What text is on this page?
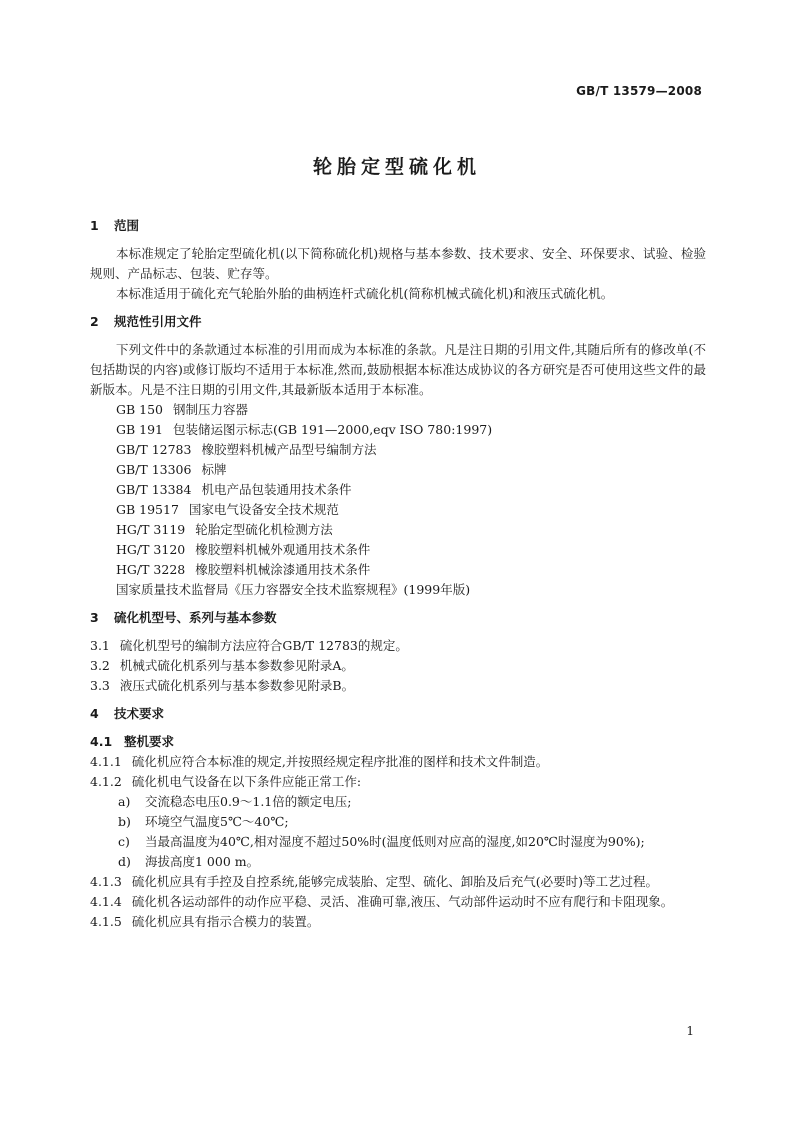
GB/T 13579—2008
轮胎定型硫化机
1 范围
本标准规定了轮胎定型硫化机(以下简称硫化机)规格与基本参数、技术要求、安全、环保要求、试验、检验规则、产品标志、包装、贮存等。
本标准适用于硫化充气轮胎外胎的曲柄连杆式硫化机(简称机械式硫化机)和液压式硫化机。
2 规范性引用文件
下列文件中的条款通过本标准的引用而成为本标准的条款。凡是注日期的引用文件,其随后所有的修改单(不包括勘误的内容)或修订版均不适用于本标准,然而,鼓励根据本标准达成协议的各方研究是否可使用这些文件的最新版本。凡是不注日期的引用文件,其最新版本适用于本标准。
GB 150 钢制压力容器
GB 191 包装储运图示标志(GB 191—2000,eqv ISO 780:1997)
GB/T 12783 橡胶塑料机械产品型号编制方法
GB/T 13306 标牌
GB/T 13384 机电产品包装通用技术条件
GB 19517 国家电气设备安全技术规范
HG/T 3119 轮胎定型硫化机检测方法
HG/T 3120 橡胶塑料机械外观通用技术条件
HG/T 3228 橡胶塑料机械涂漆通用技术条件
国家质量技术监督局《压力容器安全技术监察规程》(1999年版)
3 硫化机型号、系列与基本参数
3.1 硫化机型号的编制方法应符合GB/T 12783的规定。
3.2 机械式硫化机系列与基本参数参见附录A。
3.3 液压式硫化机系列与基本参数参见附录B。
4 技术要求
4.1 整机要求
4.1.1 硫化机应符合本标准的规定,并按照经规定程序批准的图样和技术文件制造。
4.1.2 硫化机电气设备在以下条件应能正常工作:
a) 交流稳态电压0.9～1.1倍的额定电压;
b) 环境空气温度5℃～40℃;
c) 当最高温度为40℃,相对湿度不超过50%时(温度低则对应高的湿度,如20℃时湿度为90%);
d) 海拔高度1 000 m。
4.1.3 硫化机应具有手控及自控系统,能够完成装胎、定型、硫化、卸胎及后充气(必要时)等工艺过程。
4.1.4 硫化机各运动部件的动作应平稳、灵活、准确可靠,液压、气动部件运动时不应有爬行和卡阻现象。
4.1.5 硫化机应具有指示合模力的装置。
1
